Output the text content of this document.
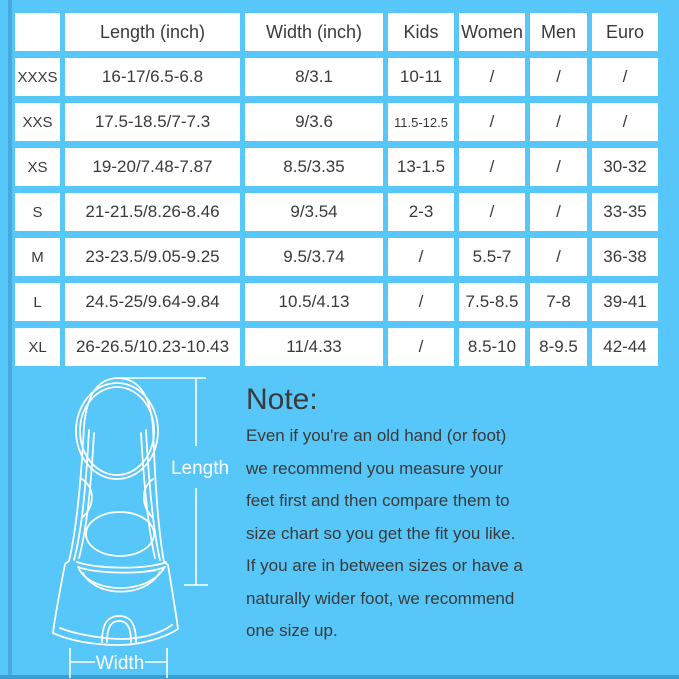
	Length (inch)	Width (inch)	Kids	Women	Men	Euro
XXXS	16-17/6.5-6.8	8/3.1	10-11	/	/	/
XXS	17.5-18.5/7-7.3	9/3.6	11.5-12.5	/	/	/
XS	19-20/7.48-7.87	8.5/3.35	13-1.5	/	/	30-32
S	21-21.5/8.26-8.46	9/3.54	2-3	/	/	33-35
M	23-23.5/9.05-9.25	9.5/3.74	/	5.5-7	/	36-38
L	24.5-25/9.64-9.84	10.5/4.13	/	7.5-8.5	7-8	39-41
XL	26-26.5/10.23-10.43	11/4.33	/	8.5-10	8-9.5	42-44
Length
Width
Note:
Even if you're an old hand (or foot)
we recommend you measure your
feet first and then compare them to
size chart so you get the fit you like.
If you are in between sizes or have a
naturally wider foot, we recommend
one size up.
